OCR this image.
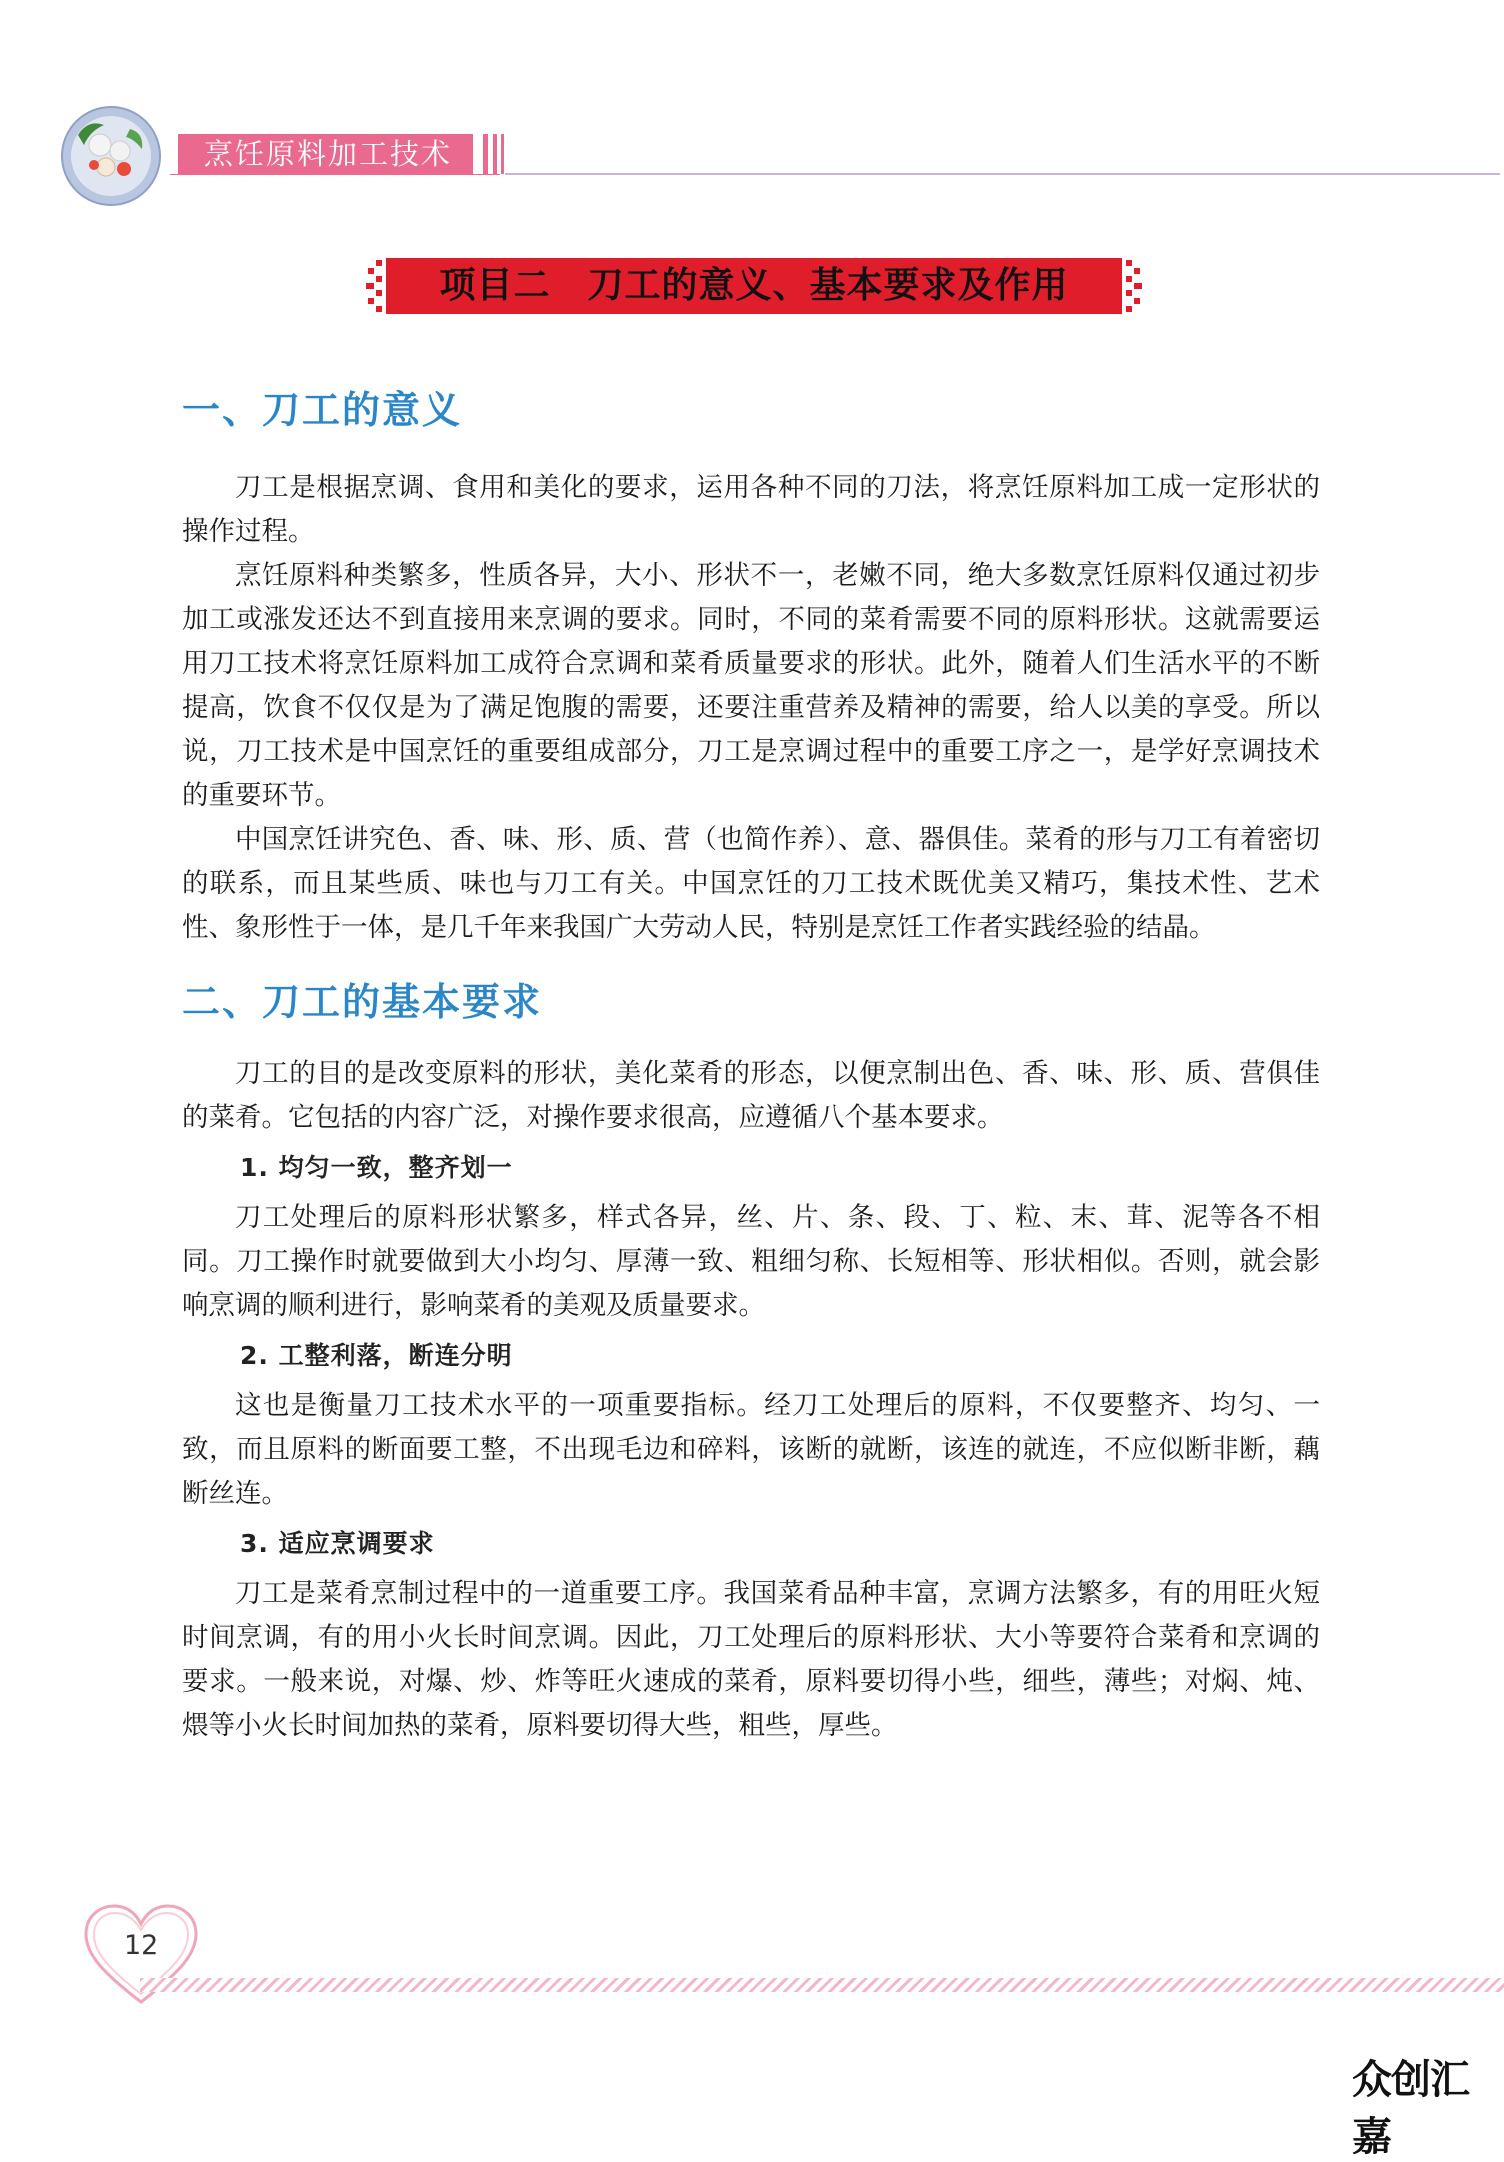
烹饪原料加工技术
项目二　刀工的意义、基本要求及作用
一、刀工的意义

刀工是根据烹调、食用和美化的要求，运用各种不同的刀法，将烹饪原料加工成一定形状的操作过程。

烹饪原料种类繁多，性质各异，大小、形状不一，老嫩不同，绝大多数烹饪原料仅通过初步加工或涨发还达不到直接用来烹调的要求。同时，不同的菜肴需要不同的原料形状。这就需要运用刀工技术将烹饪原料加工成符合烹调和菜肴质量要求的形状。此外，随着人们生活水平的不断提高，饮食不仅仅是为了满足饱腹的需要，还要注重营养及精神的需要，给人以美的享受。所以说，刀工技术是中国烹饪的重要组成部分，刀工是烹调过程中的重要工序之一，是学好烹调技术的重要环节。

中国烹饪讲究色、香、味、形、质、营（也简作养）、意、器俱佳。菜肴的形与刀工有着密切的联系，而且某些质、味也与刀工有关。中国烹饪的刀工技术既优美又精巧，集技术性、艺术性、象形性于一体，是几千年来我国广大劳动人民，特别是烹饪工作者实践经验的结晶。

二、刀工的基本要求

刀工的目的是改变原料的形状，美化菜肴的形态，以便烹制出色、香、味、形、质、营俱佳的菜肴。它包括的内容广泛，对操作要求很高，应遵循八个基本要求。

1. 均匀一致，整齐划一

刀工处理后的原料形状繁多，样式各异，丝、片、条、段、丁、粒、末、茸、泥等各不相同。刀工操作时就要做到大小均匀、厚薄一致、粗细匀称、长短相等、形状相似。否则，就会影响烹调的顺利进行，影响菜肴的美观及质量要求。

2. 工整利落，断连分明

这也是衡量刀工技术水平的一项重要指标。经刀工处理后的原料，不仅要整齐、均匀、一致，而且原料的断面要工整，不出现毛边和碎料，该断的就断，该连的就连，不应似断非断，藕断丝连。

3. 适应烹调要求

刀工是菜肴烹制过程中的一道重要工序。我国菜肴品种丰富，烹调方法繁多，有的用旺火短时间烹调，有的用小火长时间烹调。因此，刀工处理后的原料形状、大小等要符合菜肴和烹调的要求。一般来说，对爆、炒、炸等旺火速成的菜肴，原料要切得小些，细些，薄些；对焖、炖、煨等小火长时间加热的菜肴，原料要切得大些，粗些，厚些。

12
众创汇嘉
